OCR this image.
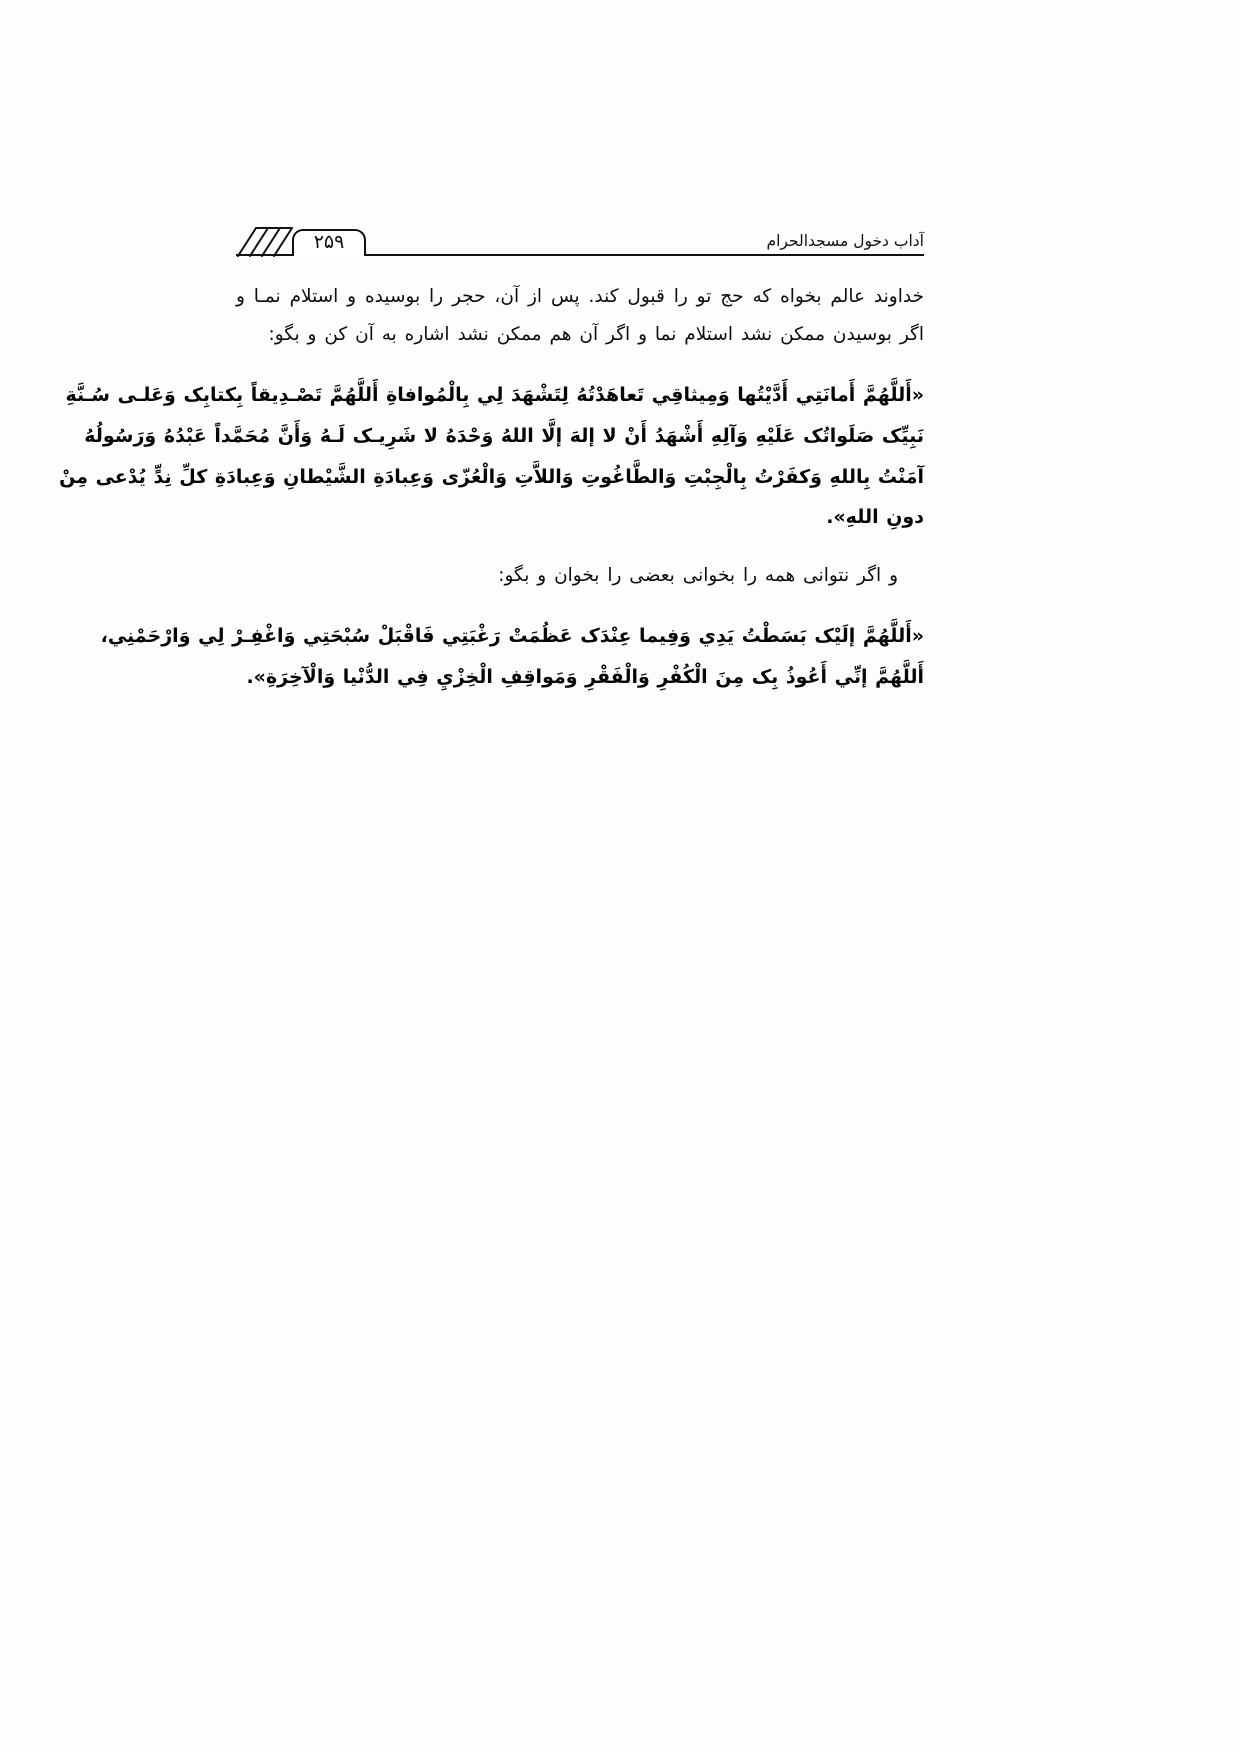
۲۵۹	آداب دخول مسجدالحرام

خداوند عالم بخواه که حج تو را قبول کند. پس از آن، حجر را بوسیده و استلام نمـا و اگر بوسیدن ممکن نشد استلام نما و اگر آن هم ممکن نشد اشاره به آن کن و بگو:

«أَللَّهُمَّ أَمانَتِي أَدَّيْتُها وَمِيثاقِي تَعاهَدْتُهُ لِتَشْهَدَ لِي بِالْمُوافاةِ أَللَّهُمَّ تَصْـدِيقاً بِكتابِک وَعَلـى سُـنَّةِ
نَبِيِّک صَلَواتُک عَلَيْهِ وَآلِهِ أَشْهَدُ أَنْ لا إلهَ إلَّا اللهُ وَحْدَهُ لا شَرِيـک لَـهُ وَأَنَّ مُحَمَّداً عَبْدُهُ وَرَسُولُهُ
آمَنْتُ بِاللهِ وَكفَرْتُ بِالْجِبْتِ وَالطَّاغُوتِ وَاللاَّتِ وَالْعُزّى وَعِبادَةِ الشَّيْطانِ وَعِبادَةِ كلِّ نِدٍّ يُدْعى مِنْ
دونِ اللهِ».

و اگر نتوانی همه را بخوانی بعضی را بخوان و بگو:

«أَللَّهُمَّ إلَيْک بَسَطْتُ يَدِي وَفِيما عِنْدَک عَظُمَتْ رَغْبَتِي فَاقْبَلْ سُبْحَتِي وَاغْفِـرْ لِي وَارْحَمْنِي،
أَللَّهُمَّ إنِّي أَعُوذُ بِک مِنَ الْكُفْرِ وَالْفَقْرِ وَمَواقِفِ الْخِزْيِ فِي الدُّنْيا وَالْآخِرَةِ».
